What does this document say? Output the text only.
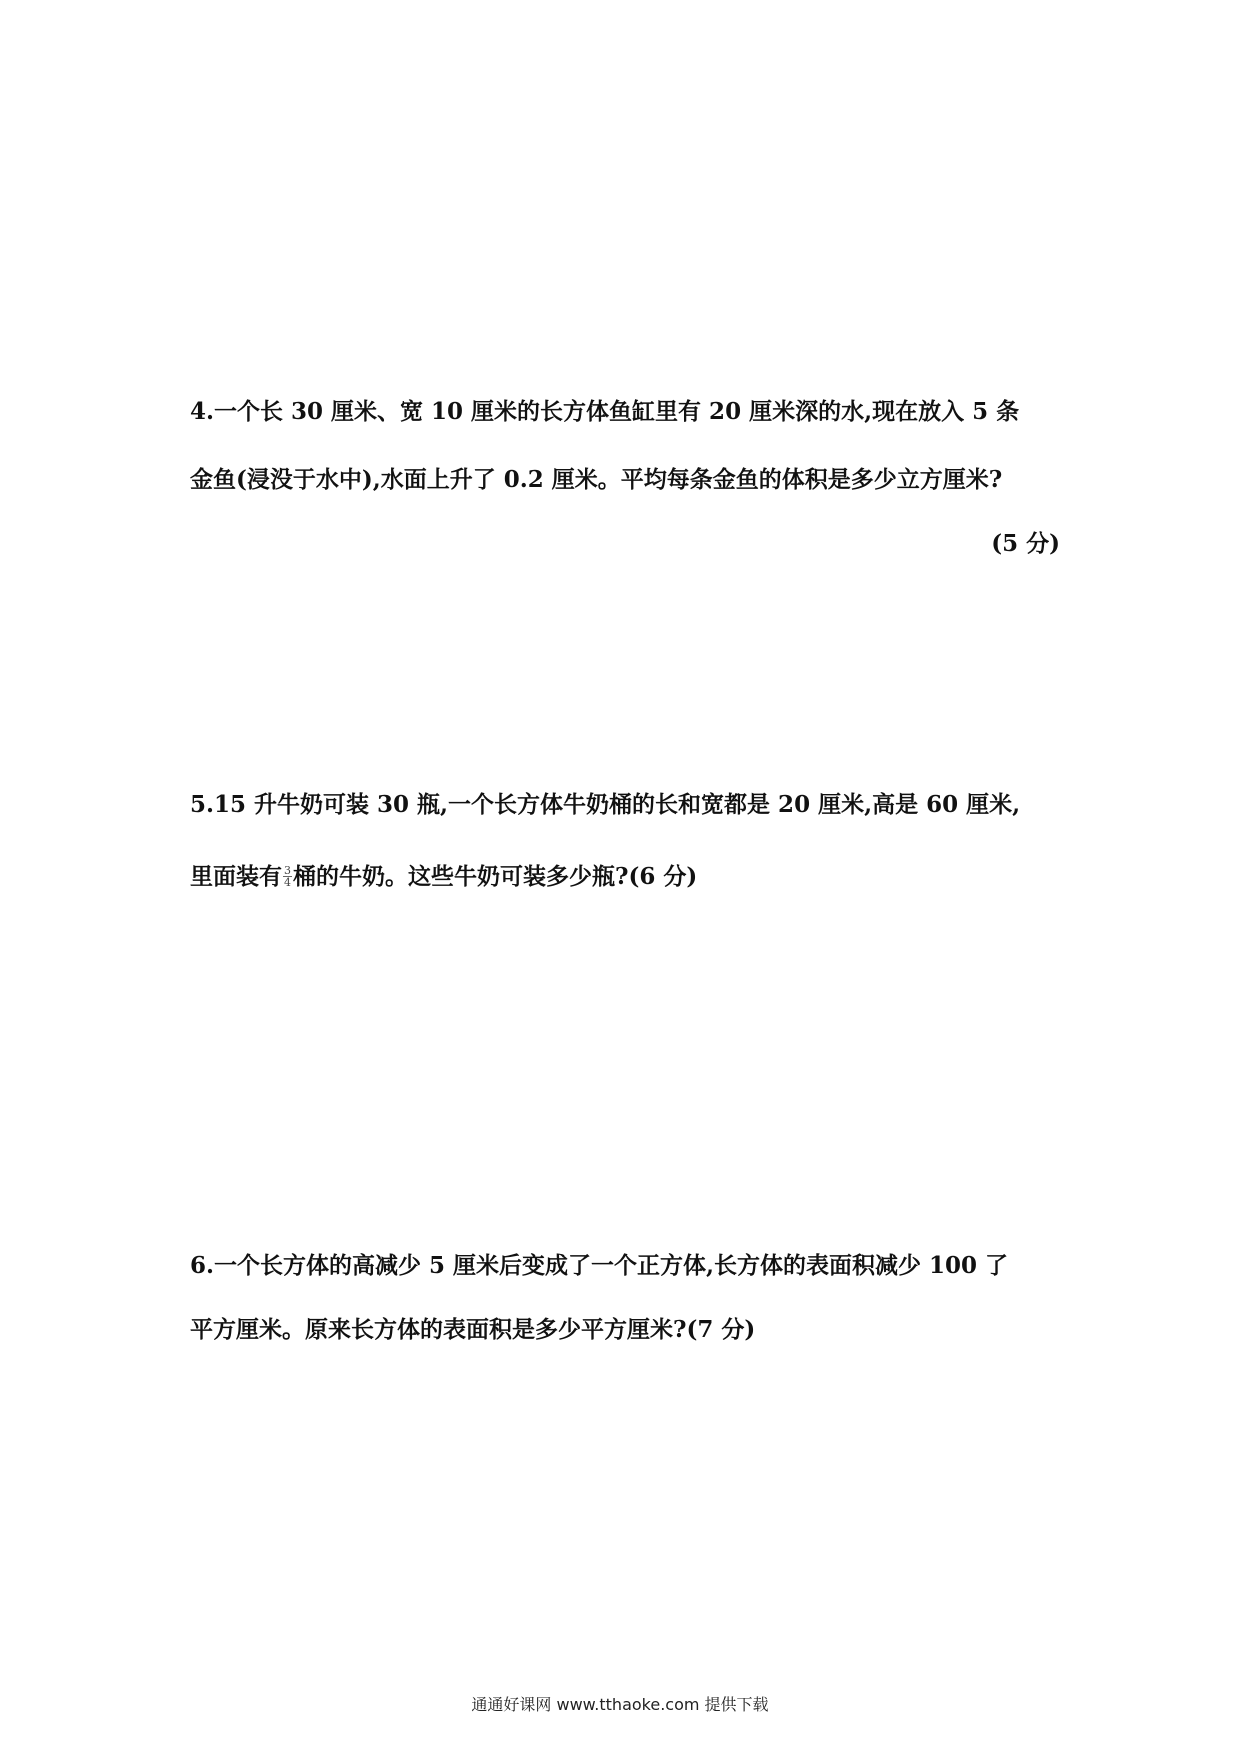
4.一个长 30 厘米、宽 10 厘米的长方体鱼缸里有 20 厘米深的水,现在放入 5 条
金鱼(浸没于水中),水面上升了 0.2 厘米。平均每条金鱼的体积是多少立方厘米?
(5 分)
5.15 升牛奶可装 30 瓶,一个长方体牛奶桶的长和宽都是 20 厘米,高是 60 厘米,
里面装有 $\frac{3}{4}$ 桶的牛奶。这些牛奶可装多少瓶?(6 分)
6.一个长方体的高减少 5 厘米后变成了一个正方体,长方体的表面积减少 100 了
平方厘米。原来长方体的表面积是多少平方厘米?(7 分)
通通好课网 www.tthaoke.com 提供下载
